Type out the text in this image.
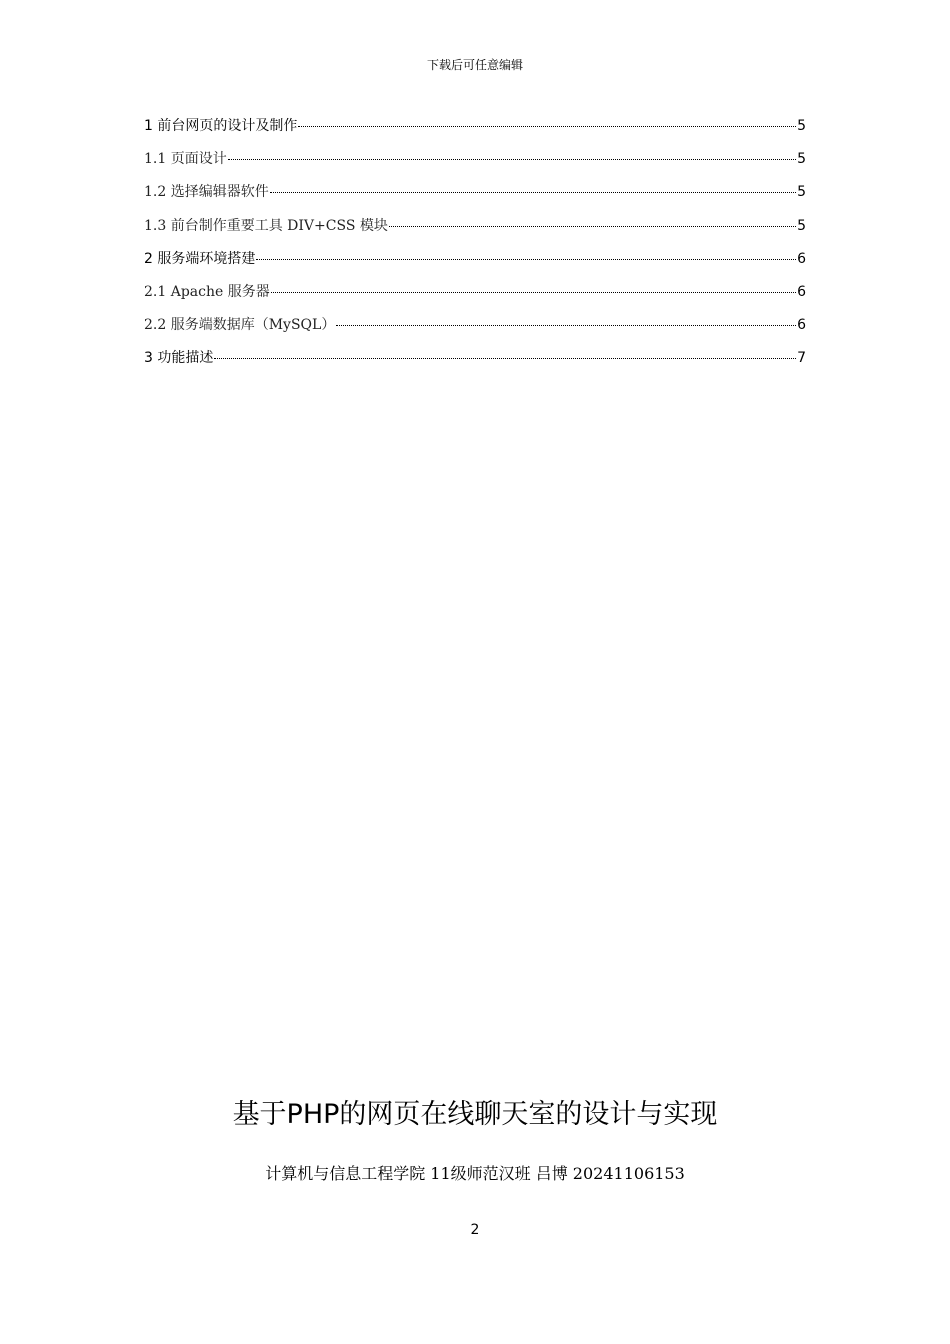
下载后可任意编辑
1 前台网页的设计及制作	5
1.1 页面设计	5
1.2 选择编辑器软件	5
1.3 前台制作重要工具 DIV+CSS 模块	5
2 服务端环境搭建	6
2.1 Apache 服务器	6
2.2 服务端数据库（MySQL）	6
3 功能描述	7
基于PHP的网页在线聊天室的设计与实现
计算机与信息工程学院 11级师范汉班 吕博 20241106153
2
